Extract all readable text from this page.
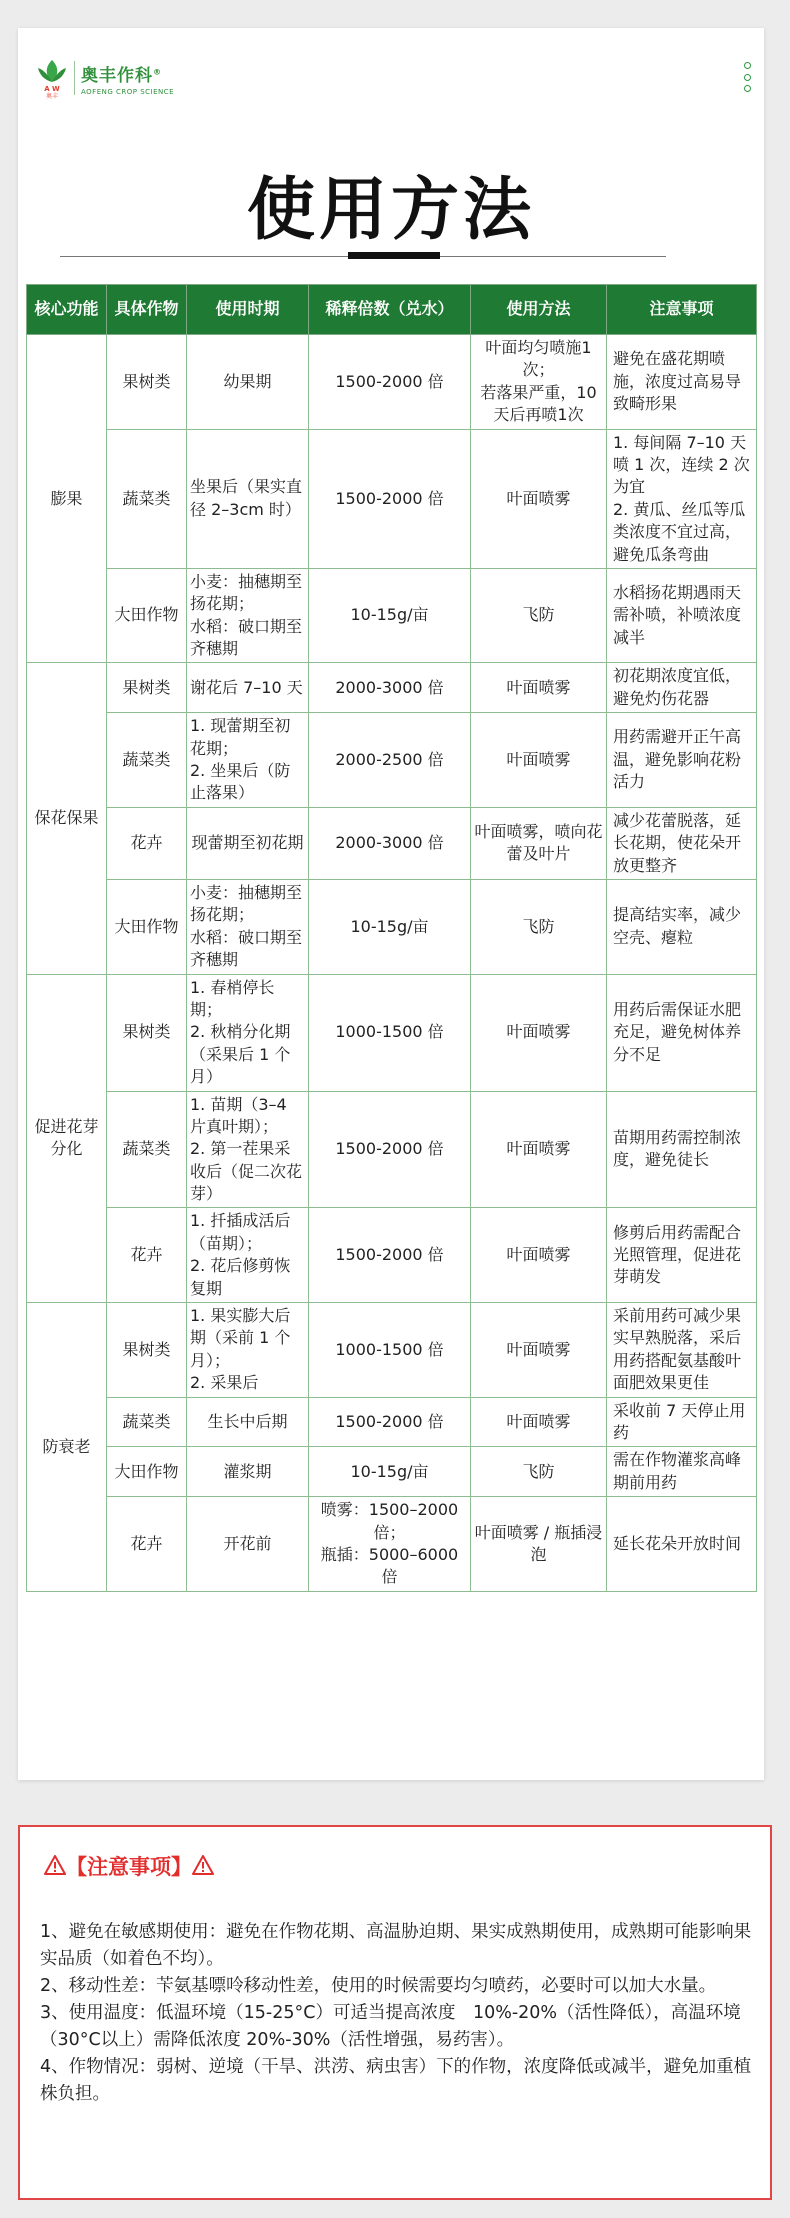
A W
奥丰
奥丰作科®
AOFENG CROP SCIENCE
使用方法
核心功能	具体作物	使用时期	稀释倍数（兑水）	使用方法	注意事项
膨果	果树类	幼果期	1500-2000 倍	叶面均匀喷施1次；
若落果严重，10天后再喷1次	避免在盛花期喷施，浓度过高易导致畸形果
	蔬菜类	坐果后（果实直径 2–3cm 时）	1500-2000 倍	叶面喷雾	1. 每间隔 7–10 天喷 1 次，连续 2 次为宜
2. 黄瓜、丝瓜等瓜类浓度不宜过高，避免瓜条弯曲
	大田作物	小麦：抽穗期至扬花期；
水稻：破口期至齐穗期	10-15g/亩	飞防	水稻扬花期遇雨天需补喷，补喷浓度减半
保花保果	果树类	谢花后 7–10 天	2000-3000 倍	叶面喷雾	初花期浓度宜低，避免灼伤花器
	蔬菜类	1. 现蕾期至初花期；
2. 坐果后（防止落果）	2000-2500 倍	叶面喷雾	用药需避开正午高温，避免影响花粉活力
	花卉	现蕾期至初花期	2000-3000 倍	叶面喷雾，喷向花蕾及叶片	减少花蕾脱落，延长花期，使花朵开放更整齐
	大田作物	小麦：抽穗期至扬花期；
水稻：破口期至齐穗期	10-15g/亩	飞防	提高结实率，减少空壳、瘪粒
促进花芽分化	果树类	1. 春梢停长期；
2. 秋梢分化期（采果后 1 个月）	1000-1500 倍	叶面喷雾	用药后需保证水肥充足，避免树体养分不足
	蔬菜类	1. 苗期（3–4 片真叶期）；
2. 第一茬果采收后（促二次花芽）	1500-2000 倍	叶面喷雾	苗期用药需控制浓度，避免徒长
	花卉	1. 扦插成活后（苗期）；
2. 花后修剪恢复期	1500-2000 倍	叶面喷雾	修剪后用药需配合光照管理，促进花芽萌发
防衰老	果树类	1. 果实膨大后期（采前 1 个月）；
2. 采果后	1000-1500 倍	叶面喷雾	采前用药可减少果实早熟脱落，采后用药搭配氨基酸叶面肥效果更佳
	蔬菜类	生长中后期	1500-2000 倍	叶面喷雾	采收前 7 天停止用药
	大田作物	灌浆期	10-15g/亩	飞防	需在作物灌浆高峰期前用药
	花卉	开花前	喷雾：1500–2000 倍；
瓶插：5000–6000 倍	叶面喷雾 / 瓶插浸泡	延长花朵开放时间
【注意事项】

1、避免在敏感期使用：避免在作物花期、高温胁迫期、果实成熟期使用，成熟期可能影响果实品质（如着色不均）。

2、移动性差：苄氨基嘌呤移动性差，使用的时候需要均匀喷药，必要时可以加大水量。

3、使用温度：低温环境（15-25°C）可适当提高浓度　10%-20%（活性降低），高温环境（30°C以上）需降低浓度 20%-30%（活性增强，易药害）。

4、作物情况：弱树、逆境（干旱、洪涝、病虫害）下的作物，浓度降低或减半，避免加重植株负担。
